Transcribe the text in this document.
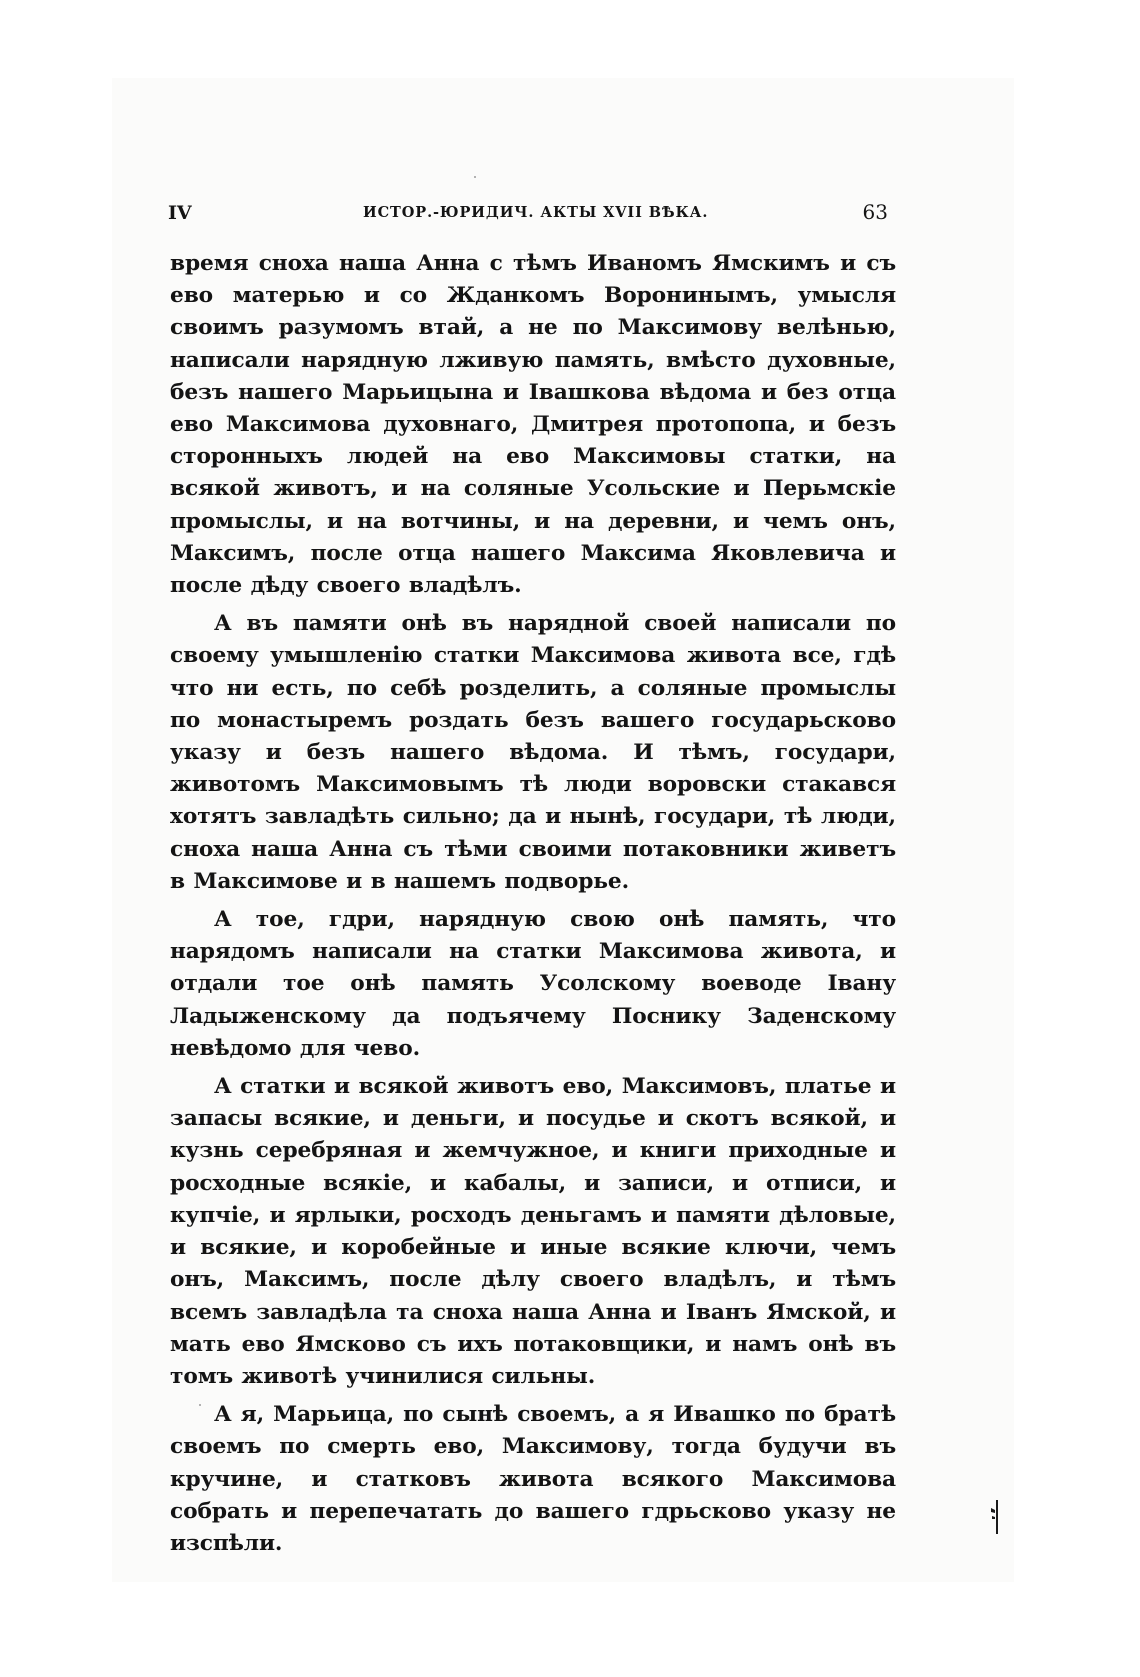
IV	ИСТОР.-ЮРИДИЧ. АКТЫ XVII ВѢКА.	63

время сноха наша Анна с тѣмъ Иваномъ Ямскимъ и съ ево матерью и со Жданкомъ Воронинымъ, умысля своимъ разумомъ втай, а не по Максимову велѣнью, написали нарядную лживую память, вмѣсто духовные, безъ нашего Марьицына и Івашкова вѣдома и без отца ево Максимова духовнаго, Дмитрея протопопа, и безъ сторонныхъ людей на ево Максимовы статки, на всякой животъ, и на соляные Усольские и Перьмскіе промыслы, и на вотчины, и на деревни, и чемъ онъ, Максимъ, после отца нашего Максима Яковлевича и после дѣду своего владѣлъ.

А въ памяти онѣ въ нарядной своей написали по своему умышленію статки Максимова живота все, гдѣ что ни есть, по себѣ розделить, а соляные промыслы по монастыремъ роздать безъ вашего государьсково указу и безъ нашего вѣдома. И тѣмъ, государи, животомъ Максимовымъ тѣ люди воровски стакався хотятъ завладѣть сильно; да и нынѣ, государи, тѣ люди, сноха наша Анна съ тѣми своими потаковники живетъ в Максимове и в нашемъ подворье.

А тое, гдри, нарядную свою онѣ память, что нарядомъ написали на статки Максимова живота, и отдали тое онѣ память Усолскому воеводе Івану Ладыженскому да подъячему Поснику Заденскому невѣдомо для чево.

А статки и всякой животъ ево, Максимовъ, платье и запасы всякие, и деньги, и посудье и скотъ всякой, и кузнь серебряная и жемчужное, и книги приходные и росходные всякіе, и кабалы, и записи, и отписи, и купчіе, и ярлыки, росходъ деньгамъ и памяти дѣловые, и всякие, и коробейные и иные всякие ключи, чемъ онъ, Максимъ, после дѣлу своего владѣлъ, и тѣмъ всемъ завладѣла та сноха наша Анна и Іванъ Ямской, и мать ево Ямсково съ ихъ потаковщики, и намъ онѣ въ томъ животѣ учинилися сильны.

А я, Марьица, по сынѣ своемъ, а я Ивашко по братѣ своемъ по смерть ево, Максимову, тогда будучи въ кручине, и статковъ живота всякого Максимова собрать и перепечатать до вашего гдрьсково указу не изспѣли.
